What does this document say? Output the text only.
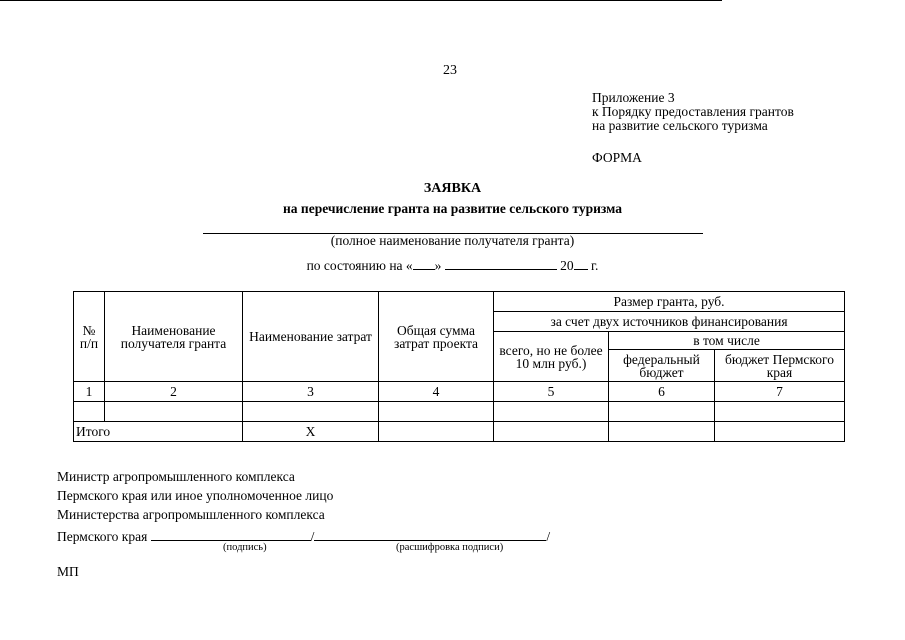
23
Приложение 3
к Порядку предоставления грантов
на развитие сельского туризма
ФОРМА
ЗАЯВКА
на перечисление гранта на развитие сельского туризма
(полное наименование получателя гранта)
по состоянию на « »	20 г.
№ п/п	Наименование получателя гранта	Наименование затрат	Общая сумма затрат проекта	Размер гранта, руб.		
				за счет двух источников финансирования		
				всего, но не более 10 млн руб.)	в том числе	
					федеральный бюджет	бюджет Пермского края
1	2	3	4	5	6	7

Итого		Х				
Министр агропромышленного комплекса
Пермского края или иное уполномоченное лицо
Министерства агропромышленного комплекса
Пермского края	/	/
(подпись)	(расшифровка подписи)
МП
